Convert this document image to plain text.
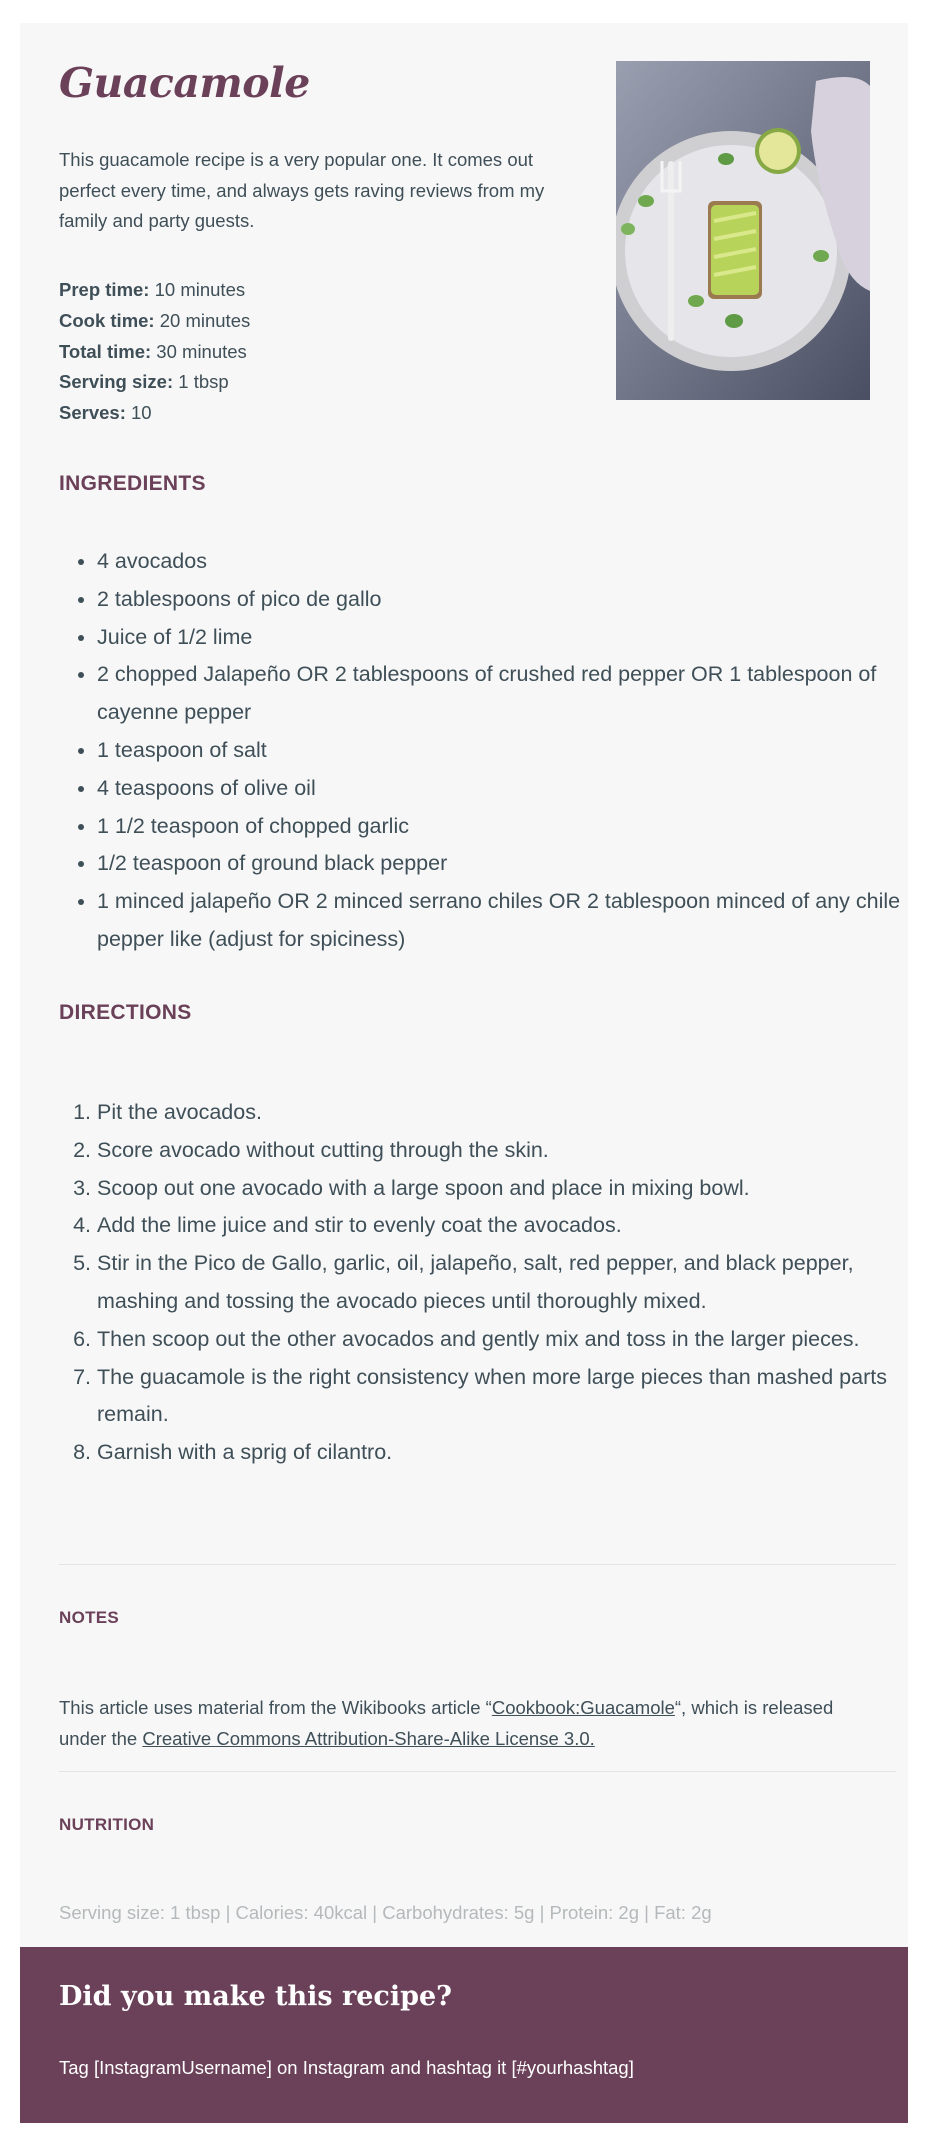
Guacamole

This guacamole recipe is a very popular one. It comes out perfect every time, and always gets raving reviews from my family and party guests.

Prep time: 10 minutes
Cook time: 20 minutes
Total time: 30 minutes
Serving size: 1 tbsp
Serves: 10
INGREDIENTS
• 4 avocados
• 2 tablespoons of pico de gallo
• Juice of 1/2 lime
• 2 chopped Jalapeño OR 2 tablespoons of crushed red pepper OR 1 tablespoon of cayenne pepper
• 1 teaspoon of salt
• 4 teaspoons of olive oil
• 1 1/2 teaspoon of chopped garlic
• 1/2 teaspoon of ground black pepper
• 1 minced jalapeño OR 2 minced serrano chiles OR 2 tablespoon minced of any chile pepper like (adjust for spiciness)
DIRECTIONS
1. Pit the avocados.
2. Score avocado without cutting through the skin.
3. Scoop out one avocado with a large spoon and place in mixing bowl.
4. Add the lime juice and stir to evenly coat the avocados.
5. Stir in the Pico de Gallo, garlic, oil, jalapeño, salt, red pepper, and black pepper, mashing and tossing the avocado pieces until thoroughly mixed.
6. Then scoop out the other avocados and gently mix and toss in the larger pieces.
7. The guacamole is the right consistency when more large pieces than mashed parts remain.
8. Garnish with a sprig of cilantro.
NOTES

This article uses material from the Wikibooks article “Cookbook:Guacamole“, which is released under the Creative Commons Attribution-Share-Alike License 3.0.

NUTRITION

Serving size: 1 tbsp | Calories: 40kcal | Carbohydrates: 5g | Protein: 2g | Fat: 2g

Did you make this recipe?

Tag [InstagramUsername] on Instagram and hashtag it [#yourhashtag]
